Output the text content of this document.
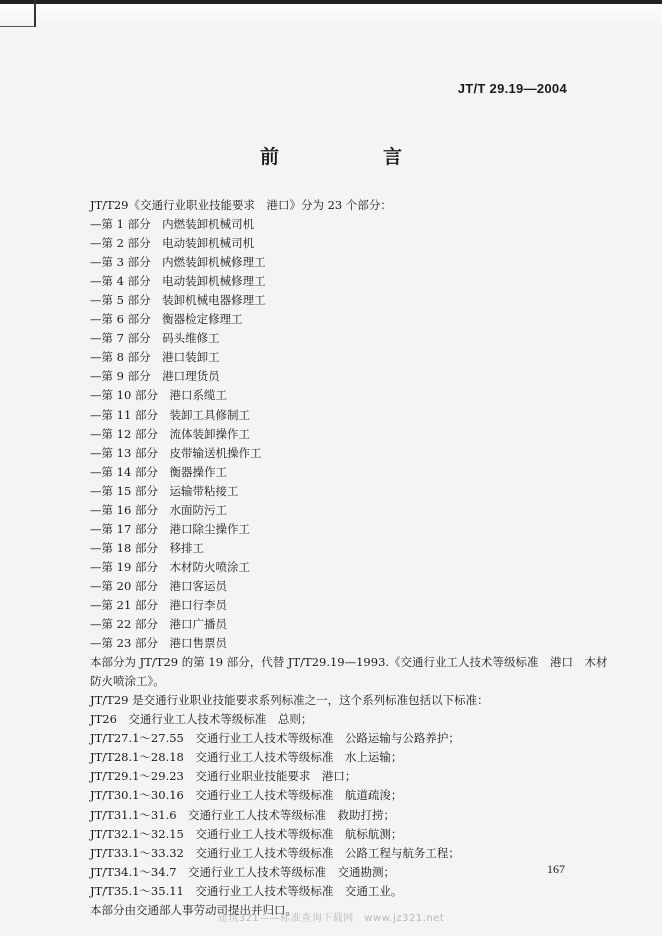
JT/T 29.19—2004
前　　言
JT/T29《交通行业职业技能要求　港口》分为 23 个部分：
—第 1 部分　内燃装卸机械司机
—第 2 部分　电动装卸机械司机
—第 3 部分　内燃装卸机械修理工
—第 4 部分　电动装卸机械修理工
—第 5 部分　装卸机械电器修理工
—第 6 部分　衡器检定修理工
—第 7 部分　码头维修工
—第 8 部分　港口装卸工
—第 9 部分　港口理货员
—第 10 部分　港口系缆工
—第 11 部分　装卸工具修制工
—第 12 部分　流体装卸操作工
—第 13 部分　皮带输送机操作工
—第 14 部分　衡器操作工
—第 15 部分　运输带粘接工
—第 16 部分　水面防污工
—第 17 部分　港口除尘操作工
—第 18 部分　移排工
—第 19 部分　木材防火喷涂工
—第 20 部分　港口客运员
—第 21 部分　港口行李员
—第 22 部分　港口广播员
—第 23 部分　港口售票员
本部分为 JT/T29 的第 19 部分，代替 JT/T29.19—1993.《交通行业工人技术等级标准　港口　木材
防火喷涂工》。
JT/T29 是交通行业职业技能要求系列标准之一，这个系列标准包括以下标准：
JT26　交通行业工人技术等级标准　总则；
JT/T27.1～27.55　交通行业工人技术等级标准　公路运输与公路养护；
JT/T28.1～28.18　交通行业工人技术等级标准　水上运输；
JT/T29.1～29.23　交通行业职业技能要求　港口；
JT/T30.1～30.16　交通行业工人技术等级标准　航道疏浚；
JT/T31.1～31.6　交通行业工人技术等级标准　救助打捞；
JT/T32.1～32.15　交通行业工人技术等级标准　航标航测；
JT/T33.1～33.32　交通行业工人技术等级标准　公路工程与航务工程；
JT/T34.1～34.7　交通行业工人技术等级标准　交通勘测；
JT/T35.1～35.11　交通行业工人技术等级标准　交通工业。
本部分由交通部人事劳动司提出并归口。
167
建筑321——标准查询下载网　www.jz321.net
